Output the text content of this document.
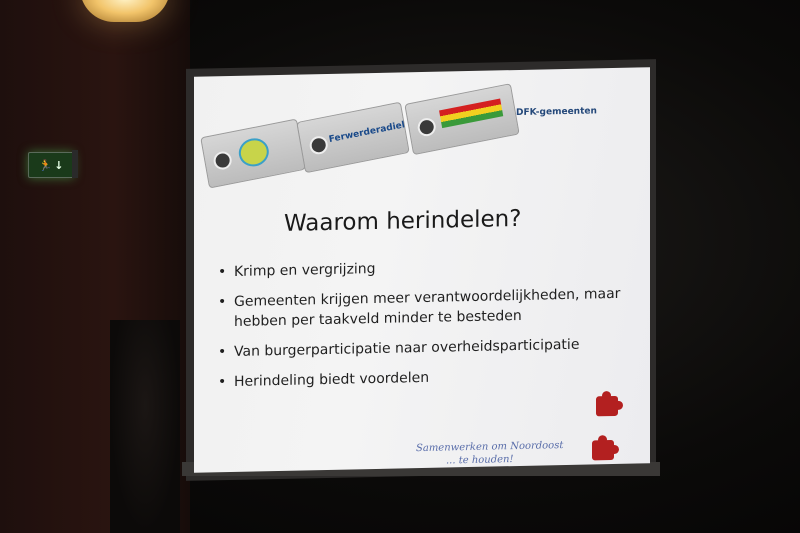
🏃 ↓
Ferwerderadiel
DFK-gemeenten
Waarom herindelen?
• Krimp en vergrijzing
• Gemeenten krijgen meer verantwoordelijkheden, maar hebben per taakveld minder te besteden
• Van burgerparticipatie naar overheidsparticipatie
• Herindeling biedt voordelen
Samenwerken om Noordoost
... te houden!
